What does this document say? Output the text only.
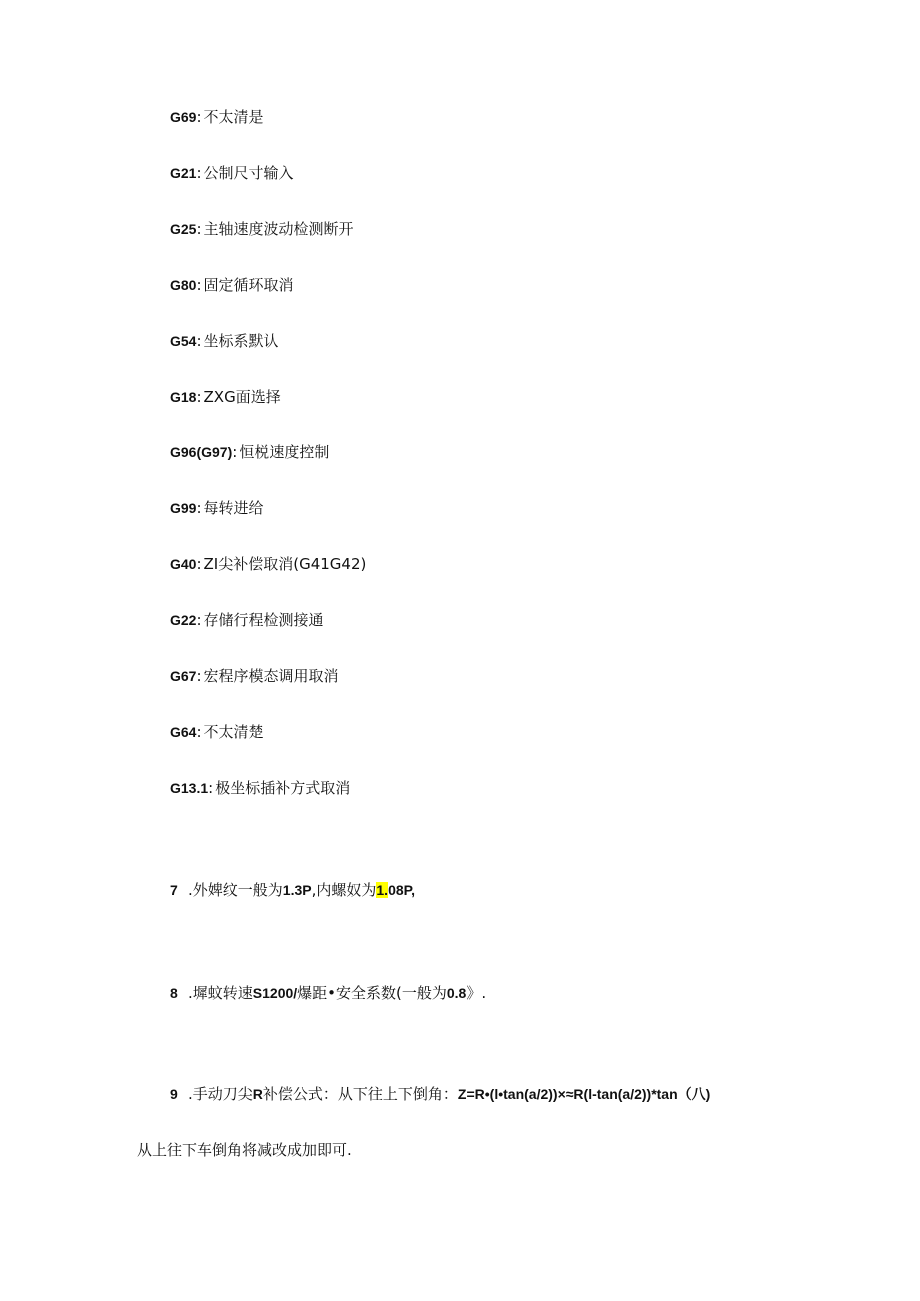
G69: 不太清是
G21: 公制尺寸输入
G25: 主轴速度波动检测断开
G80: 固定循环取消
G54: 坐标系默认
G18: ZXG面选择
G96(G97): 恒棁速度控制
G99: 每转进给
G40: ZI尖补偿取消(G41G42)
G22: 存储行程检测接通
G67: 宏程序模态调用取消
G64: 不太清楚
G13.1: 极坐标插补方式取消
7 .外婢纹一般为1.3P,内螺奴为1.08P,
8 .墀蚊转速S1200/爆距•安全系数(一般为0.8》.
9 .手动刀尖R补偿公式：从下往上下倒角：Z=R•(l•tan(a/2))×≈R(l-tan(a/2))*tan（八)
从上往下车倒角将减改成加即可.
